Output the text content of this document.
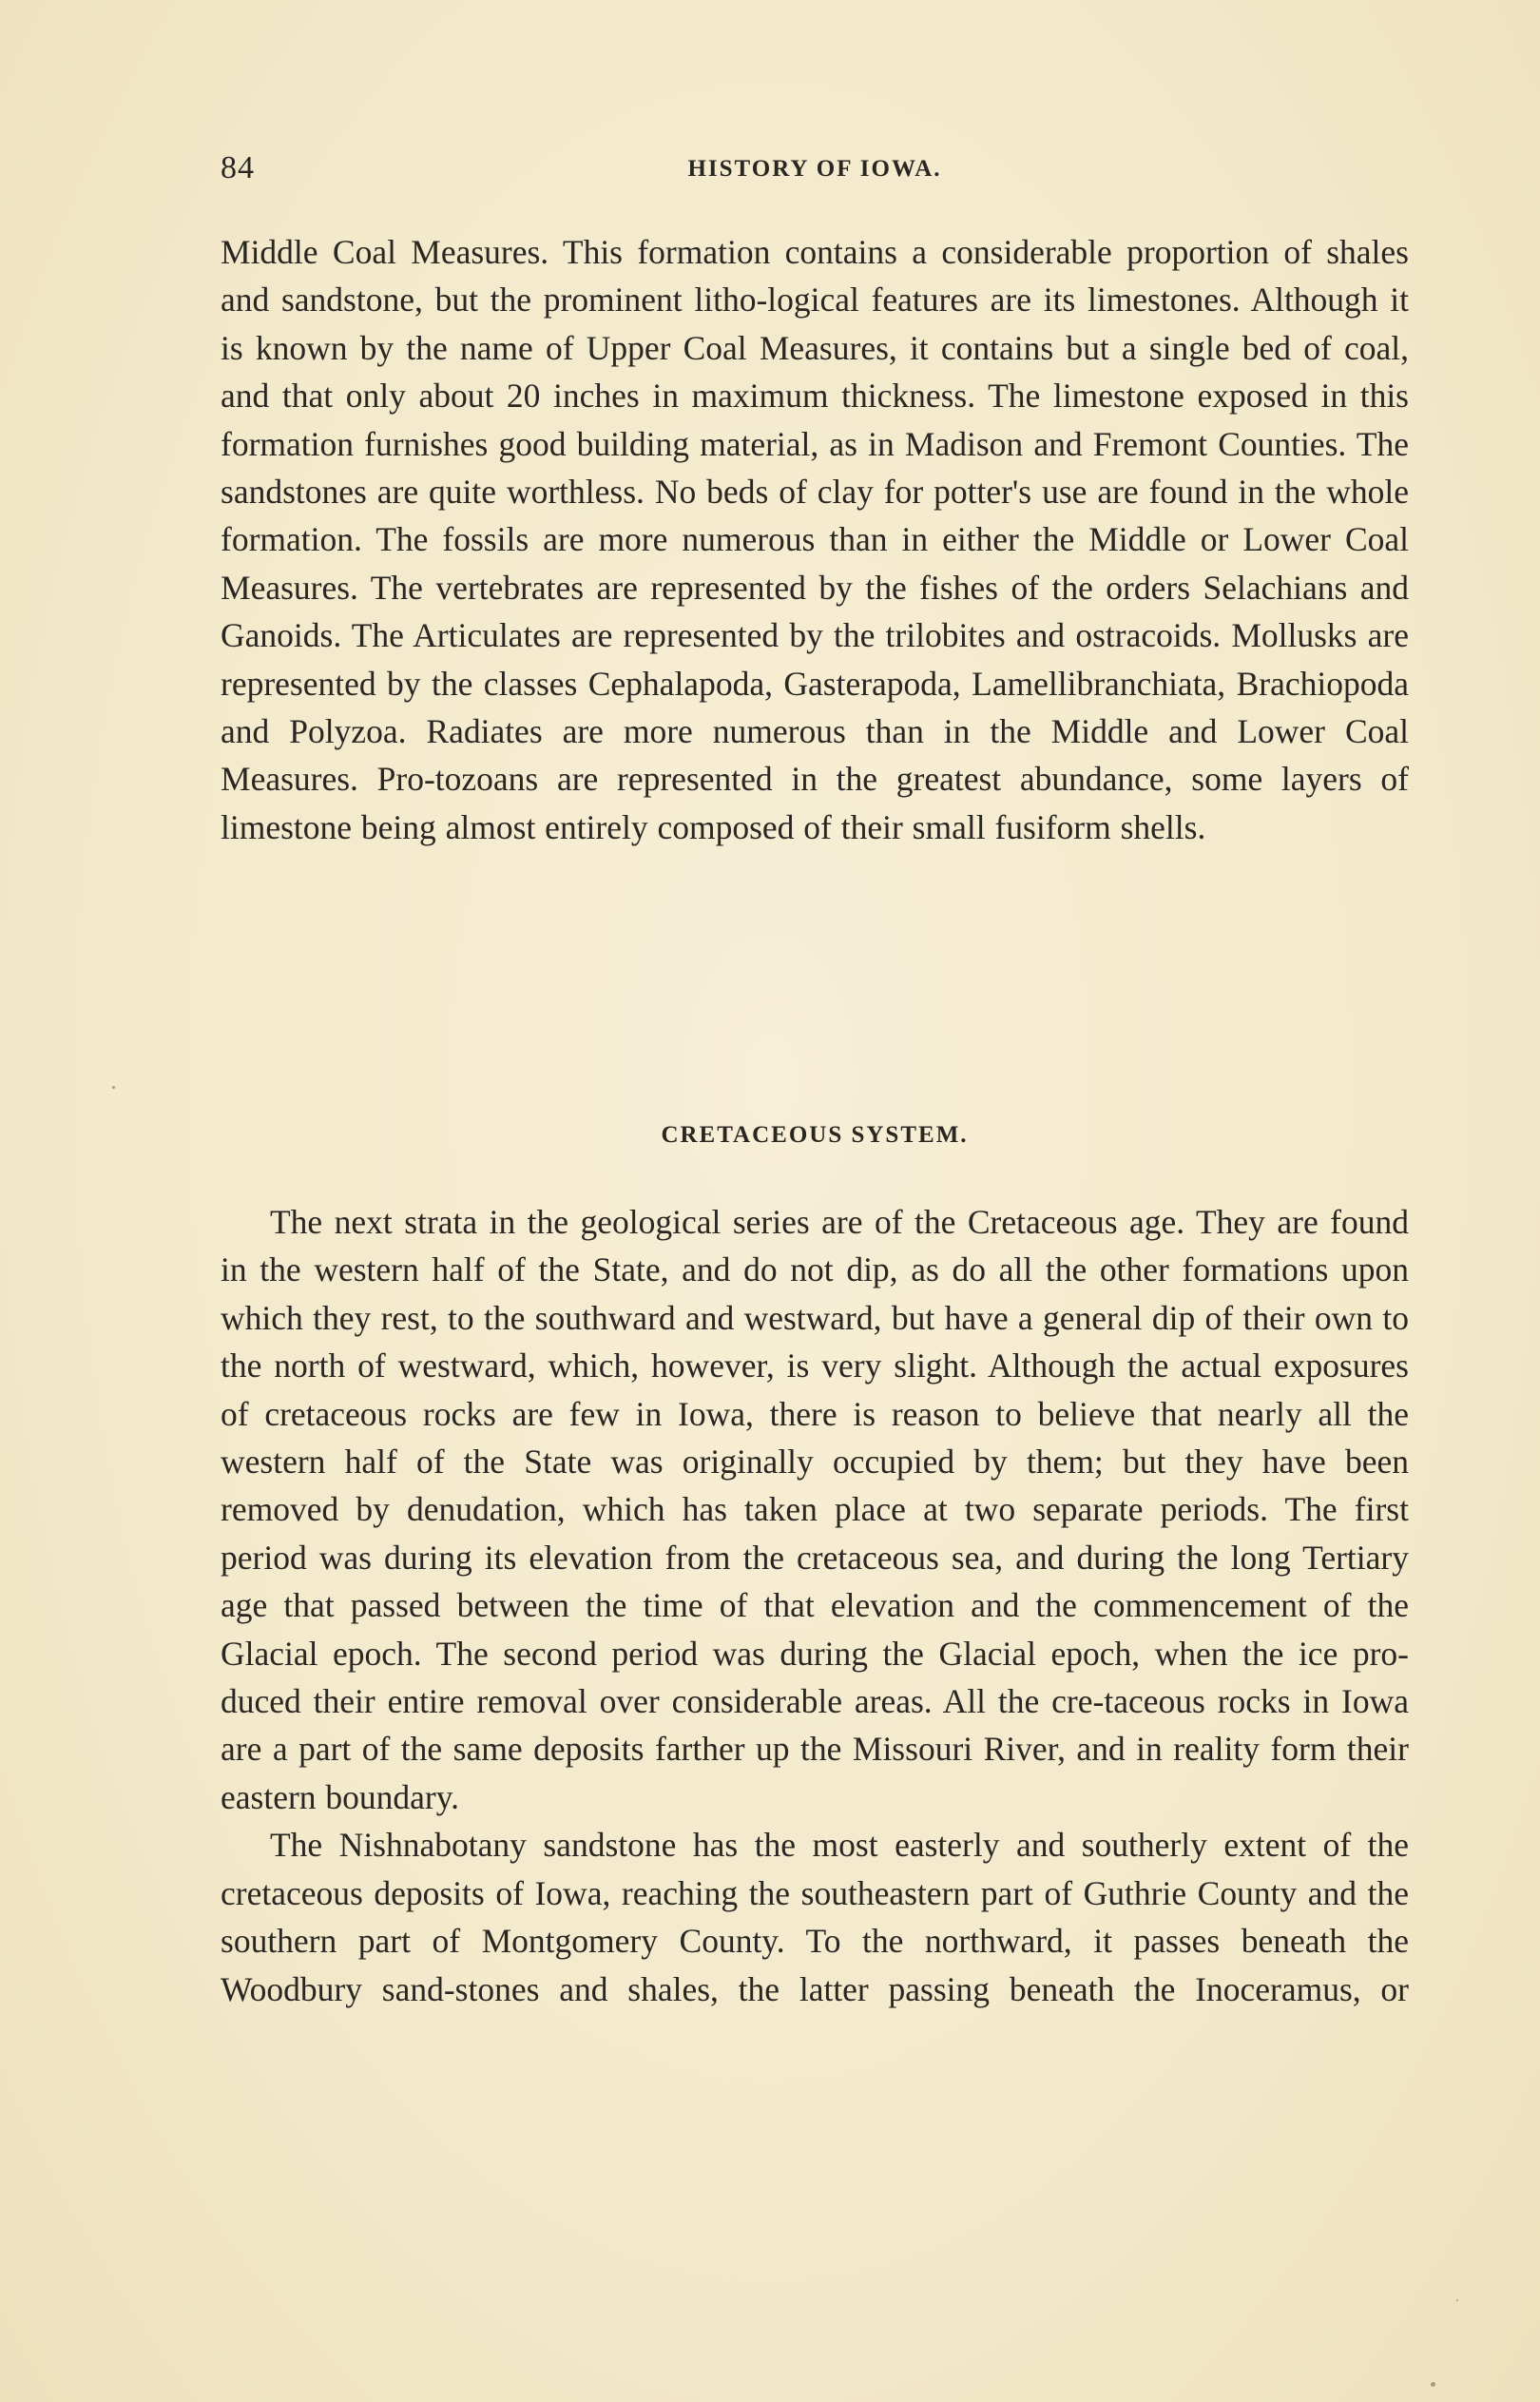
84	HISTORY OF IOWA.

Middle Coal Measures. This formation contains a considerable proportion of shales and sandstone, but the prominent litho-logical features are its limestones. Although it is known by the name of Upper Coal Measures, it contains but a single bed of coal, and that only about 20 inches in maximum thickness. The limestone exposed in this formation furnishes good building material, as in Madison and Fremont Counties. The sandstones are quite worthless. No beds of clay for potter's use are found in the whole formation. The fossils are more numerous than in either the Middle or Lower Coal Measures. The vertebrates are represented by the fishes of the orders Selachians and Ganoids. The Articulates are represented by the trilobites and ostracoids. Mollusks are represented by the classes Cephalapoda, Gasterapoda, Lamellibranchiata, Brachiopoda and Polyzoa. Radiates are more numerous than in the Middle and Lower Coal Measures. Pro-tozoans are represented in the greatest abundance, some layers of limestone being almost entirely composed of their small fusiform shells.

CRETACEOUS SYSTEM.

The next strata in the geological series are of the Cretaceous age. They are found in the western half of the State, and do not dip, as do all the other formations upon which they rest, to the southward and westward, but have a general dip of their own to the north of westward, which, however, is very slight. Although the actual exposures of cretaceous rocks are few in Iowa, there is reason to believe that nearly all the western half of the State was originally occupied by them; but they have been removed by denudation, which has taken place at two separate periods. The first period was during its elevation from the cretaceous sea, and during the long Tertiary age that passed between the time of that elevation and the commencement of the Glacial epoch. The second period was during the Glacial epoch, when the ice pro-duced their entire removal over considerable areas. All the cre-taceous rocks in Iowa are a part of the same deposits farther up the Missouri River, and in reality form their eastern boundary.

The Nishnabotany sandstone has the most easterly and southerly extent of the cretaceous deposits of Iowa, reaching the southeastern part of Guthrie County and the southern part of Montgomery County. To the northward, it passes beneath the Woodbury sand-stones and shales, the latter passing beneath the Inoceramus, or
